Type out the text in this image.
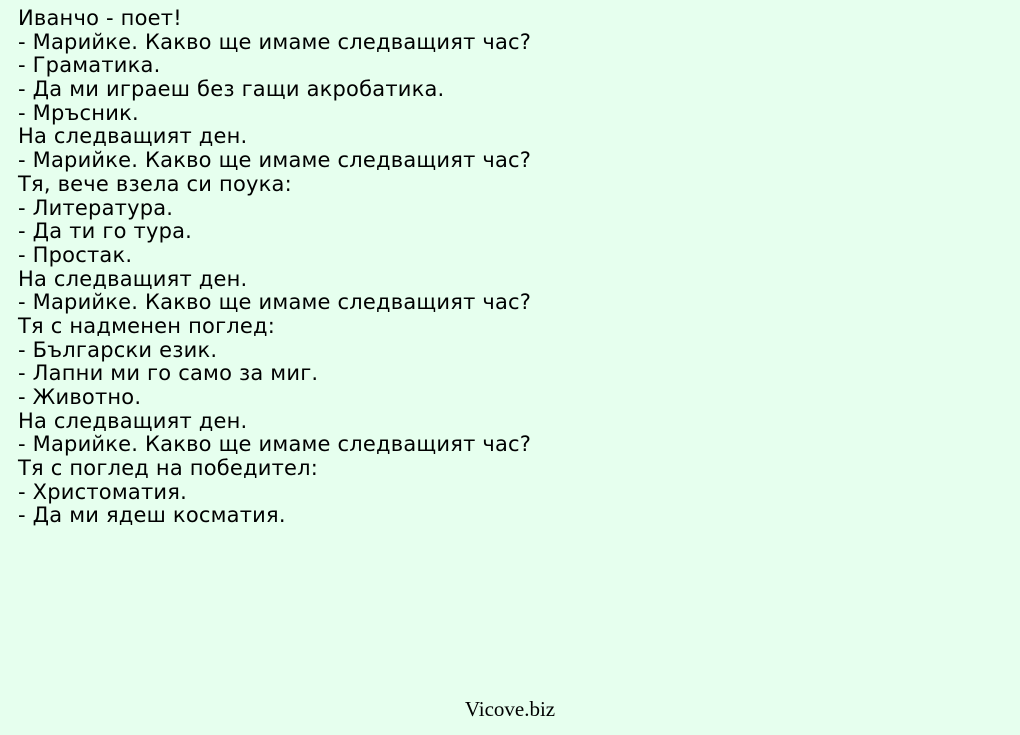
Иванчо - поет!
- Марийке. Какво ще имаме следващият час?
- Граматика.
- Да ми играеш без гащи акробатика.
- Мръсник.
На следващият ден.
- Марийке. Какво ще имаме следващият час?
Тя, вече взела си поука:
- Литература.
- Да ти го тура.
- Простак.
На следващият ден.
- Марийке. Какво ще имаме следващият час?
Тя с надменен поглед:
- Български език.
- Лапни ми го само за миг.
- Животно.
На следващият ден.
- Марийке. Какво ще имаме следващият час?
Тя с поглед на победител:
- Христоматия.
- Да ми ядеш косматия.
Vicove.biz
